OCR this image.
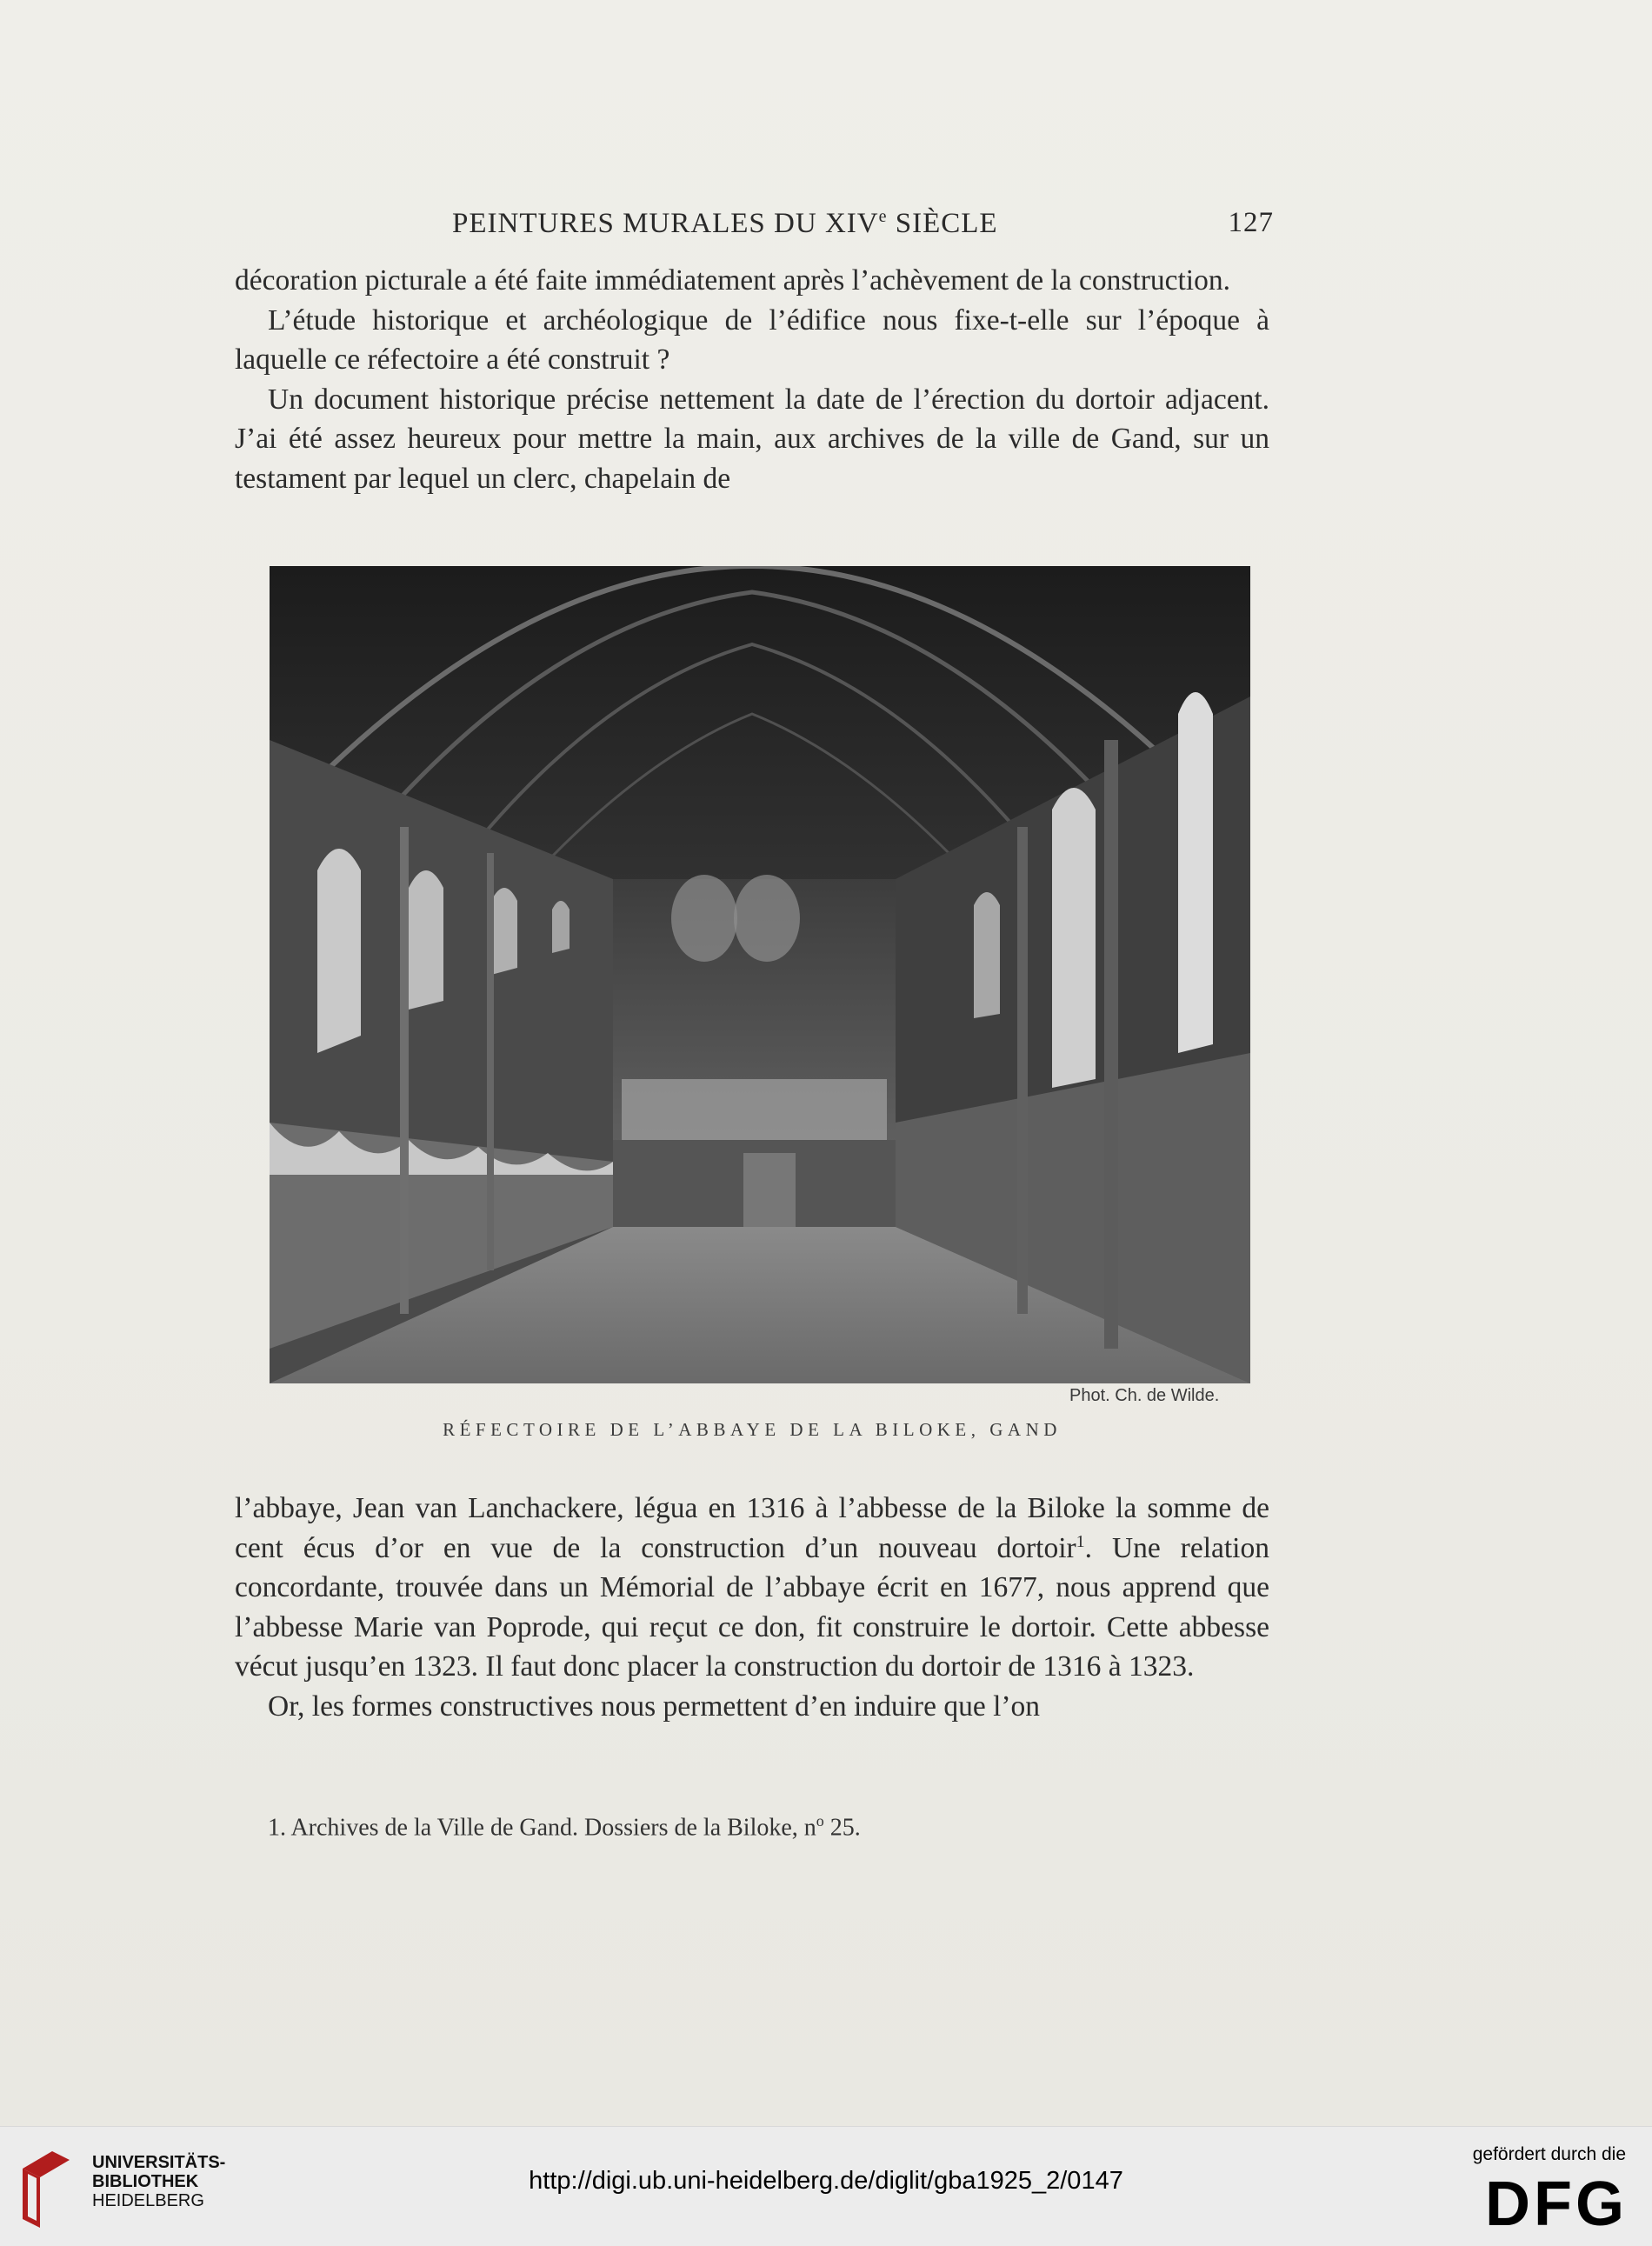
PEINTURES MURALES DU XIVe SIÈCLE	127

décoration picturale a été faite immédiatement après l’achèvement de la construction.

L’étude historique et archéologique de l’édifice nous fixe-t-elle sur l’époque à laquelle ce réfectoire a été construit ?

Un document historique précise nettement la date de l’érection du dortoir adjacent. J’ai été assez heureux pour mettre la main, aux archives de la ville de Gand, sur un testament par lequel un clerc, chapelain de

Phot. Ch. de Wilde.
RÉFECTOIRE DE L’ABBAYE DE LA BILOKE, GAND

l’abbaye, Jean van Lanchackere, légua en 1316 à l’abbesse de la Biloke la somme de cent écus d’or en vue de la construction d’un nouveau dortoir$^1$. Une relation concordante, trouvée dans un Mémorial de l’abbaye écrit en 1677, nous apprend que l’abbesse Marie van Poprode, qui reçut ce don, fit construire le dortoir. Cette abbesse vécut jusqu’en 1323. Il faut donc placer la construction du dortoir de 1316 à 1323.

Or, les formes constructives nous permettent d’en induire que l’on

1. Archives de la Ville de Gand. Dossiers de la Biloke, $n^o$ 25.
UNIVERSITÄTS-
BIBLIOTHEK
HEIDELBERG
http://digi.ub.uni-heidelberg.de/diglit/gba1925_2/0147
gefördert durch die
DFG
